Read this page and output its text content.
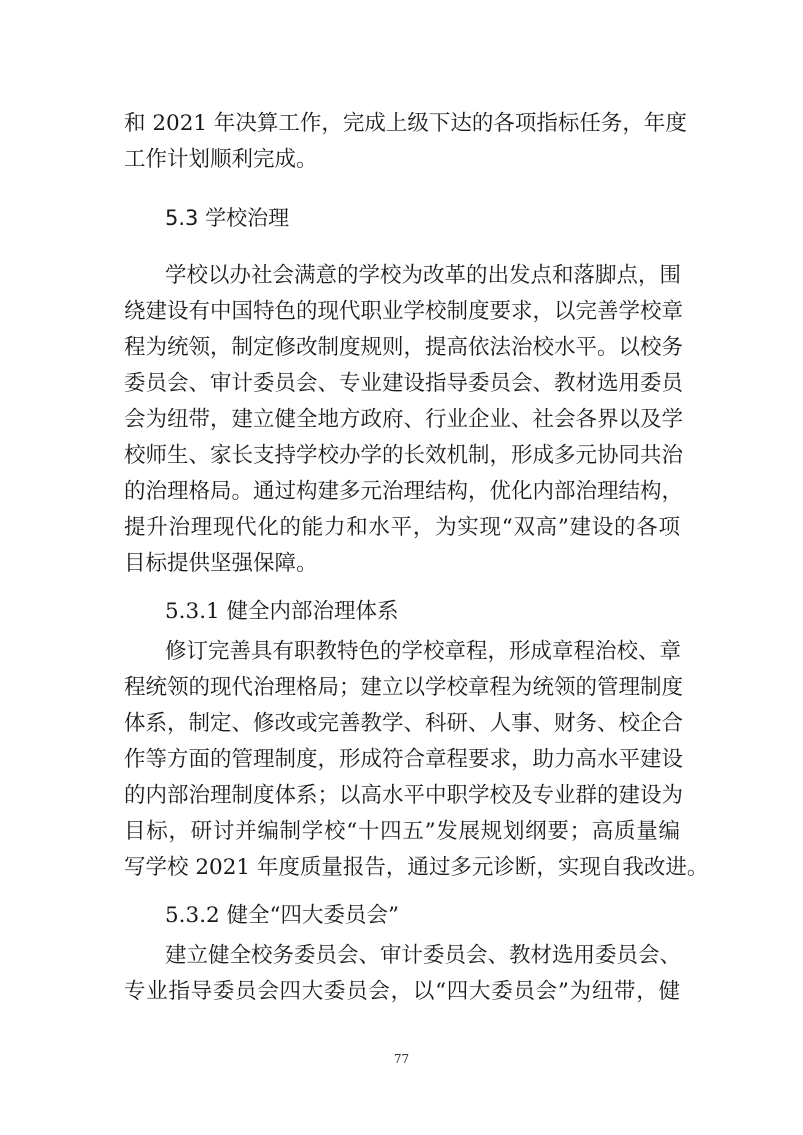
和 2021 年决算工作，完成上级下达的各项指标任务，年度
工作计划顺利完成。
5.3 学校治理
学校以办社会满意的学校为改革的出发点和落脚点，围
绕建设有中国特色的现代职业学校制度要求，以完善学校章
程为统领，制定修改制度规则，提高依法治校水平。以校务
委员会、审计委员会、专业建设指导委员会、教材选用委员
会为纽带，建立健全地方政府、行业企业、社会各界以及学
校师生、家长支持学校办学的长效机制，形成多元协同共治
的治理格局。通过构建多元治理结构，优化内部治理结构，
提升治理现代化的能力和水平，为实现“双高”建设的各项
目标提供坚强保障。
5.3.1 健全内部治理体系
修订完善具有职教特色的学校章程，形成章程治校、章
程统领的现代治理格局；建立以学校章程为统领的管理制度
体系，制定、修改或完善教学、科研、人事、财务、校企合
作等方面的管理制度，形成符合章程要求，助力高水平建设
的内部治理制度体系；以高水平中职学校及专业群的建设为
目标，研讨并编制学校“十四五”发展规划纲要；高质量编
写学校 2021 年度质量报告，通过多元诊断，实现自我改进。
5.3.2 健全“四大委员会”
建立健全校务委员会、审计委员会、教材选用委员会、
专业指导委员会四大委员会，以“四大委员会”为纽带，健
77
